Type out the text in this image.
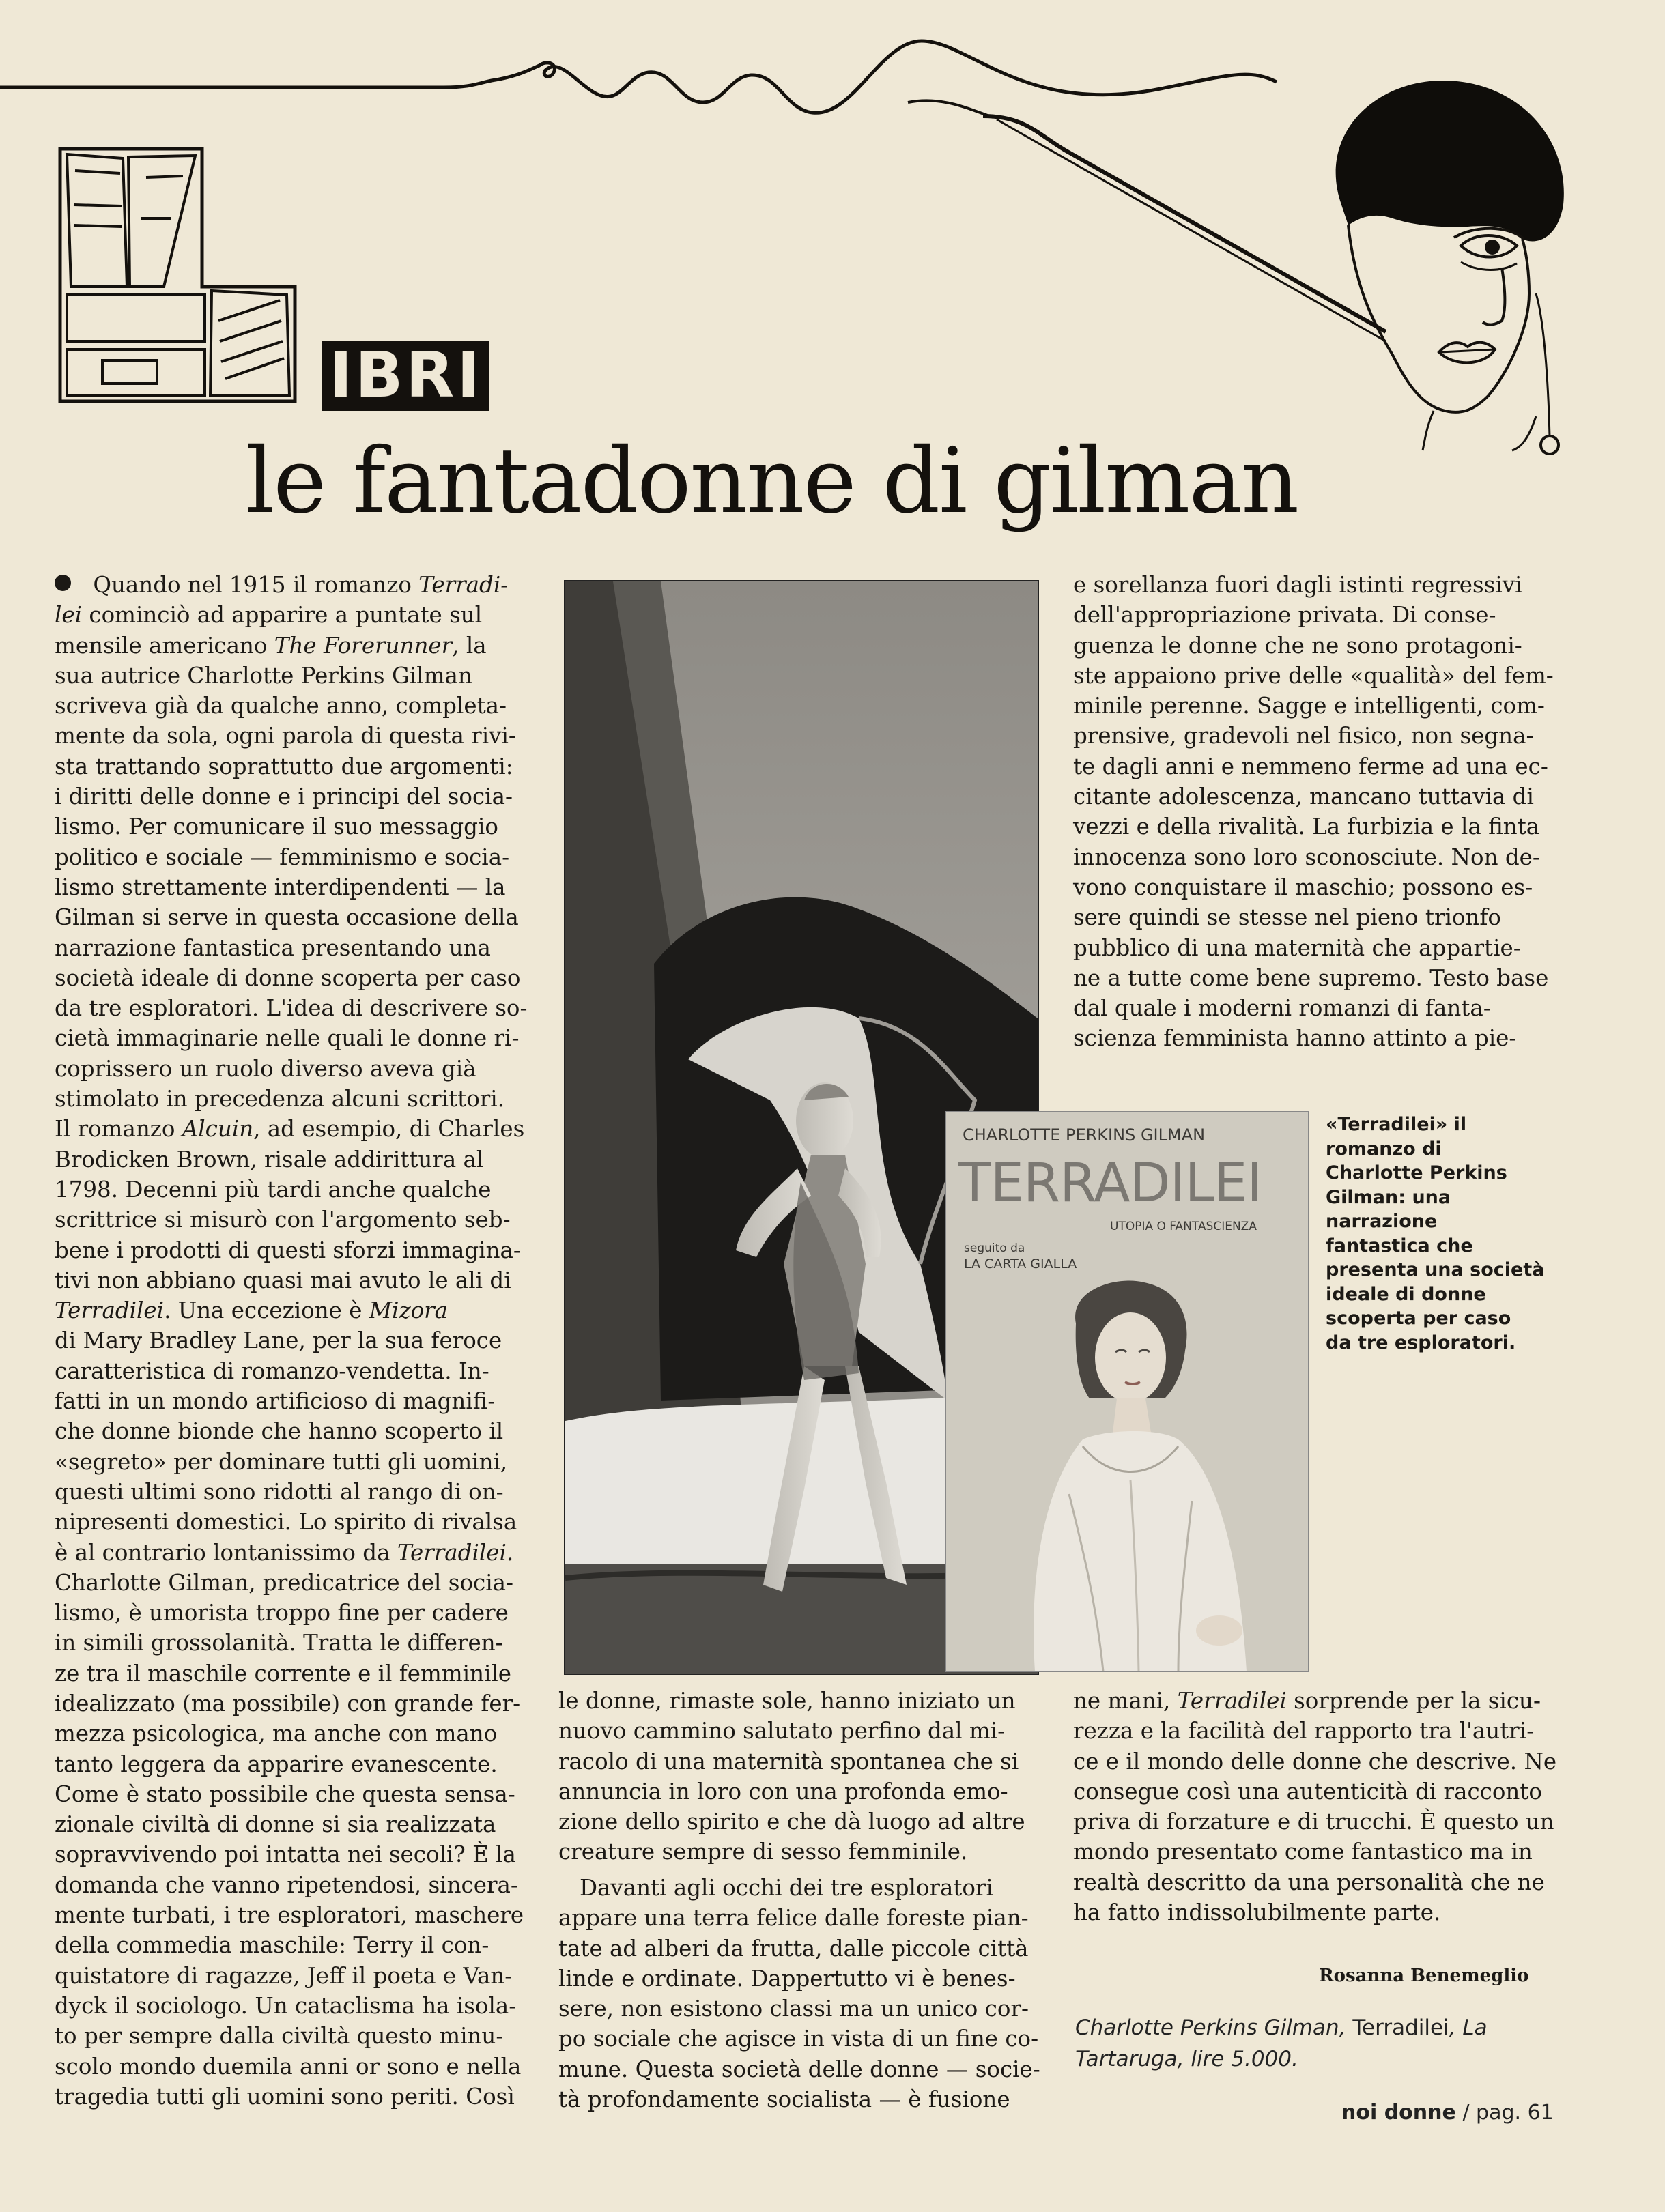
IBRI
le fantadonne di gilman
Quando nel 1915 il romanzo Terradi-
lei cominciò ad apparire a puntate sul
mensile americano The Forerunner, la
sua autrice Charlotte Perkins Gilman
scriveva già da qualche anno, completa-
mente da sola, ogni parola di questa rivi-
sta trattando soprattutto due argomenti:
i diritti delle donne e i principi del socia-
lismo. Per comunicare il suo messaggio
politico e sociale — femminismo e socia-
lismo strettamente interdipendenti — la
Gilman si serve in questa occasione della
narrazione fantastica presentando una
società ideale di donne scoperta per caso
da tre esploratori. L'idea di descrivere so-
cietà immaginarie nelle quali le donne ri-
coprissero un ruolo diverso aveva già
stimolato in precedenza alcuni scrittori.
Il romanzo Alcuin, ad esempio, di Charles
Brodicken Brown, risale addirittura al
1798. Decenni più tardi anche qualche
scrittrice si misurò con l'argomento seb-
bene i prodotti di questi sforzi immagina-
tivi non abbiano quasi mai avuto le ali di
Terradilei. Una eccezione è Mizora
di Mary Bradley Lane, per la sua feroce
caratteristica di romanzo-vendetta. In-
fatti in un mondo artificioso di magnifi-
che donne bionde che hanno scoperto il
«segreto» per dominare tutti gli uomini,
questi ultimi sono ridotti al rango di on-
nipresenti domestici. Lo spirito di rivalsa
è al contrario lontanissimo da Terradilei.
Charlotte Gilman, predicatrice del socia-
lismo, è umorista troppo fine per cadere
in simili grossolanità. Tratta le differen-
ze tra il maschile corrente e il femminile
idealizzato (ma possibile) con grande fer-
mezza psicologica, ma anche con mano
tanto leggera da apparire evanescente.
Come è stato possibile che questa sensa-
zionale civiltà di donne si sia realizzata
sopravvivendo poi intatta nei secoli? È la
domanda che vanno ripetendosi, sincera-
mente turbati, i tre esploratori, maschere
della commedia maschile: Terry il con-
quistatore di ragazze, Jeff il poeta e Van-
dyck il sociologo. Un cataclisma ha isola-
to per sempre dalla civiltà questo minu-
scolo mondo duemila anni or sono e nella
tragedia tutti gli uomini sono periti. Così
CHARLOTTE PERKINS GILMAN
TERRADILEI
UTOPIA O FANTASCIENZA
seguito da
LA CARTA GIALLA
«Terradilei» il
romanzo di
Charlotte Perkins
Gilman: una
narrazione
fantastica che
presenta una società
ideale di donne
scoperta per caso
da tre esploratori.
e sorellanza fuori dagli istinti regressivi
dell'appropriazione privata. Di conse-
guenza le donne che ne sono protagoni-
ste appaiono prive delle «qualità» del fem-
minile perenne. Sagge e intelligenti, com-
prensive, gradevoli nel fisico, non segna-
te dagli anni e nemmeno ferme ad una ec-
citante adolescenza, mancano tuttavia di
vezzi e della rivalità. La furbizia e la finta
innocenza sono loro sconosciute. Non de-
vono conquistare il maschio; possono es-
sere quindi se stesse nel pieno trionfo
pubblico di una maternità che appartie-
ne a tutte come bene supremo. Testo base
dal quale i moderni romanzi di fanta-
scienza femminista hanno attinto a pie-
le donne, rimaste sole, hanno iniziato un
nuovo cammino salutato perfino dal mi-
racolo di una maternità spontanea che si
annuncia in loro con una profonda emo-
zione dello spirito e che dà luogo ad altre
creature sempre di sesso femminile.
Davanti agli occhi dei tre esploratori
appare una terra felice dalle foreste pian-
tate ad alberi da frutta, dalle piccole città
linde e ordinate. Dappertutto vi è benes-
sere, non esistono classi ma un unico cor-
po sociale che agisce in vista di un fine co-
mune. Questa società delle donne — socie-
tà profondamente socialista — è fusione
ne mani, Terradilei sorprende per la sicu-
rezza e la facilità del rapporto tra l'autri-
ce e il mondo delle donne che descrive. Ne
consegue così una autenticità di racconto
priva di forzature e di trucchi. È questo un
mondo presentato come fantastico ma in
realtà descritto da una personalità che ne
ha fatto indissolubilmente parte.
Rosanna Benemeglio
Charlotte Perkins Gilman, Terradilei, La
Tartaruga, lire 5.000.
noi donne / pag. 61
